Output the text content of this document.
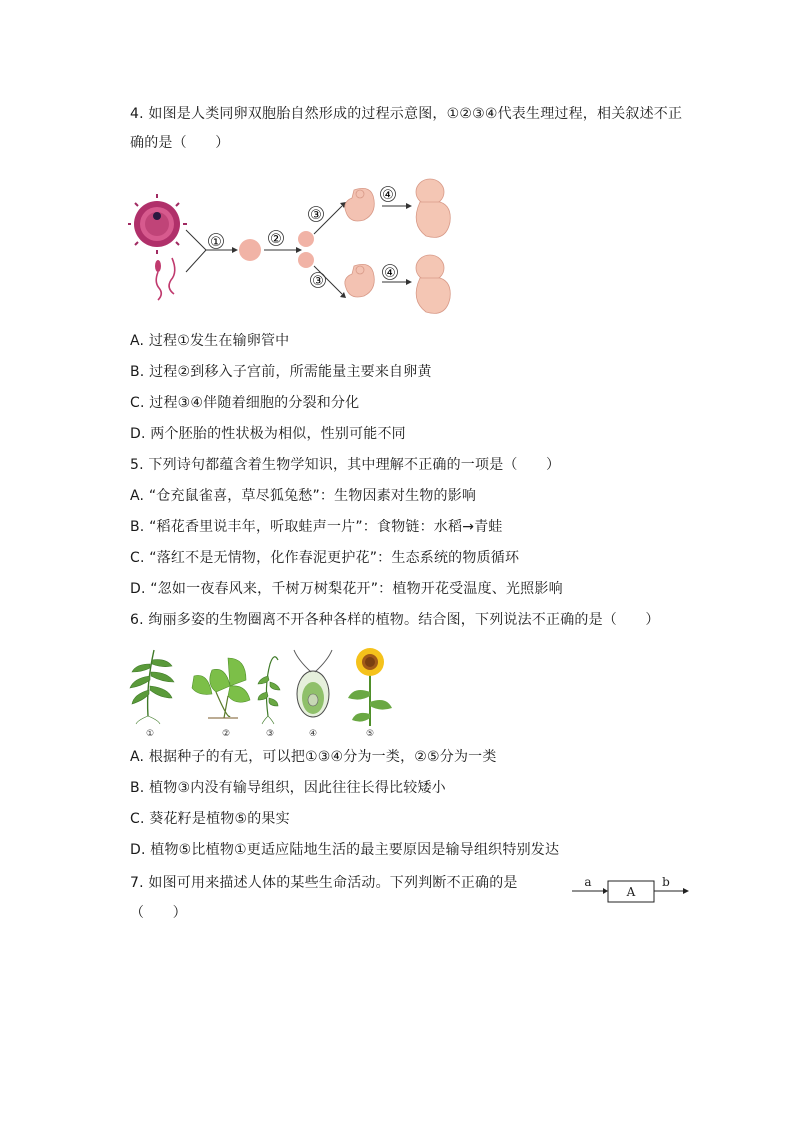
4. 如图是人类同卵双胞胎自然形成的过程示意图，①②③④代表生理过程，相关叙述不正
确的是（　　）
①	②
③
③
④
④
A. 过程①发生在输卵管中
B. 过程②到移入子宫前，所需能量主要来自卵黄
C. 过程③④伴随着细胞的分裂和分化
D. 两个胚胎的性状极为相似，性别可能不同
5. 下列诗句都蕴含着生物学知识，其中理解不正确的一项是（　　）
A. “仓充鼠雀喜，草尽狐兔愁”：生物因素对生物的影响
B. “稻花香里说丰年，听取蛙声一片”：食物链：水稻→青蛙
C. “落红不是无情物，化作春泥更护花”：生态系统的物质循环
D. “忽如一夜春风来，千树万树梨花开”：植物开花受温度、光照影响
6. 绚丽多姿的生物圈离不开各种各样的植物。结合图，下列说法不正确的是（　　）
①	②	③	④	⑤
A. 根据种子的有无，可以把①③④分为一类，②⑤分为一类
B. 植物③内没有输导组织，因此往往长得比较矮小
C. 葵花籽是植物⑤的果实
D. 植物⑤比植物①更适应陆地生活的最主要原因是输导组织特别发达
7. 如图可用来描述人体的某些生命活动。下列判断不正确的是
（　　）
a
A
b
